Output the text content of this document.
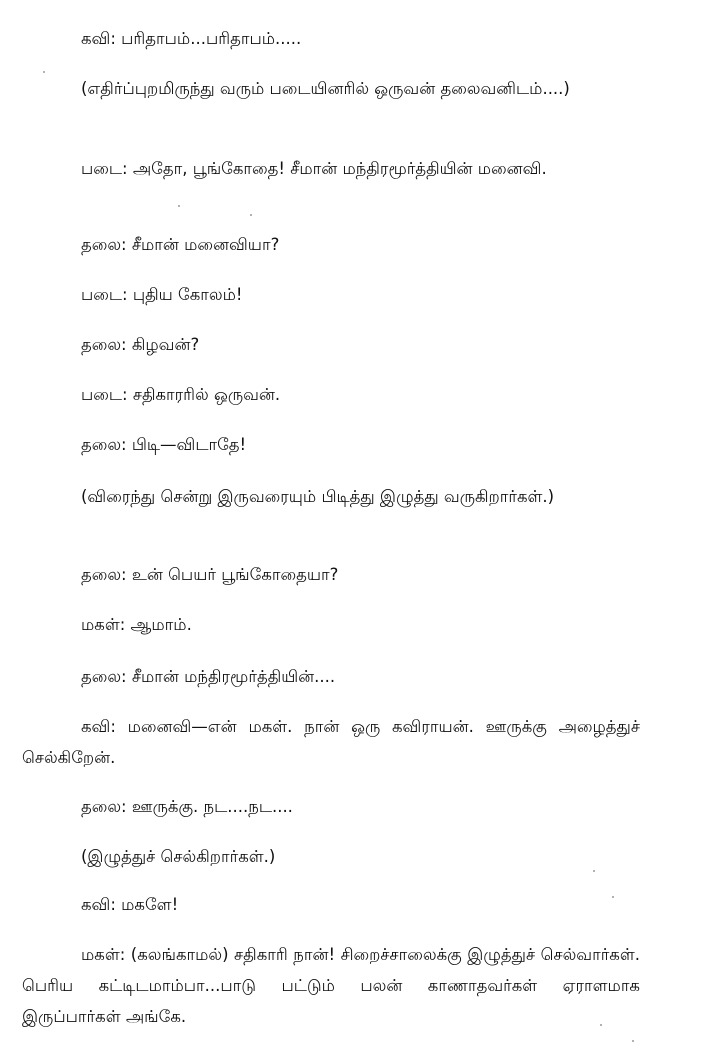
கவி: பரிதாபம்...பரிதாபம்.....

(எதிர்ப்புறமிருந்து வரும் படையினரில் ஒருவன் தலைவனிடம்....)

படை: அதோ, பூங்கோதை! சீமான் மந்திரமூர்த்தியின் மனைவி.

தலை: சீமான் மனைவியா?

படை: புதிய கோலம்!

தலை: கிழவன்?

படை: சதிகாரரில் ஒருவன்.

தலை: பிடி—விடாதே!

(விரைந்து சென்று இருவரையும் பிடித்து இழுத்து வருகிறார்கள்.)

தலை: உன் பெயர் பூங்கோதையா?

மகள்: ஆமாம்.

தலை: சீமான் மந்திரமூர்த்தியின்....

கவி: மனைவி—என் மகள். நான் ஒரு கவிராயன். ஊருக்கு அழைத்துச் செல்கிறேன்.

தலை: ஊருக்கு. நட....நட....

(இழுத்துச் செல்கிறார்கள்.)

கவி: மகளே!

மகள்: (கலங்காமல்) சதிகாரி நான்! சிறைச்சாலைக்கு இழுத்துச் செல்வார்கள். பெரிய கட்டிடமாம்பா...பாடு பட்டும் பலன் காணாதவர்கள் ஏராளமாக இருப்பார்கள் அங்கே.
